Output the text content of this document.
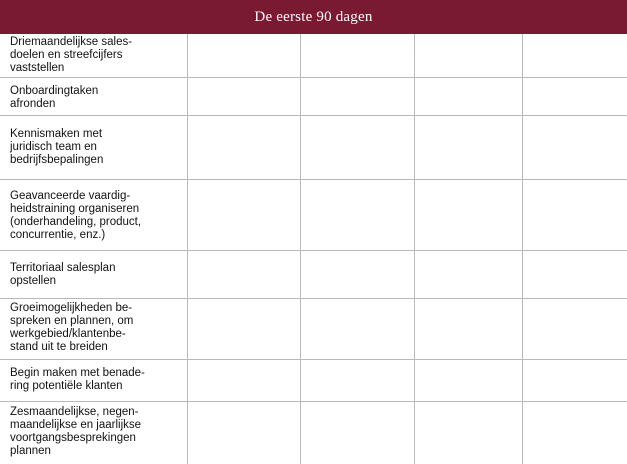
De eerste 90 dagen
Driemaandelijkse sales-
doelen en streefcijfers
vaststellen				

Onboardingtaken
afronden				

Kennismaken met
juridisch team en
bedrijfsbepalingen				

Geavanceerde vaardig-
heidstraining organiseren
(onderhandeling, product,
concurrentie, enz.)				

Territoriaal salesplan
opstellen				

Groeimogelijkheden be-
spreken en plannen, om
werkgebied/klantenbe-
stand uit te breiden				

Begin maken met benade-
ring potentiële klanten				

Zesmaandelijkse, negen-
maandelijkse en jaarlijkse
voortgangsbesprekingen
plannen				
